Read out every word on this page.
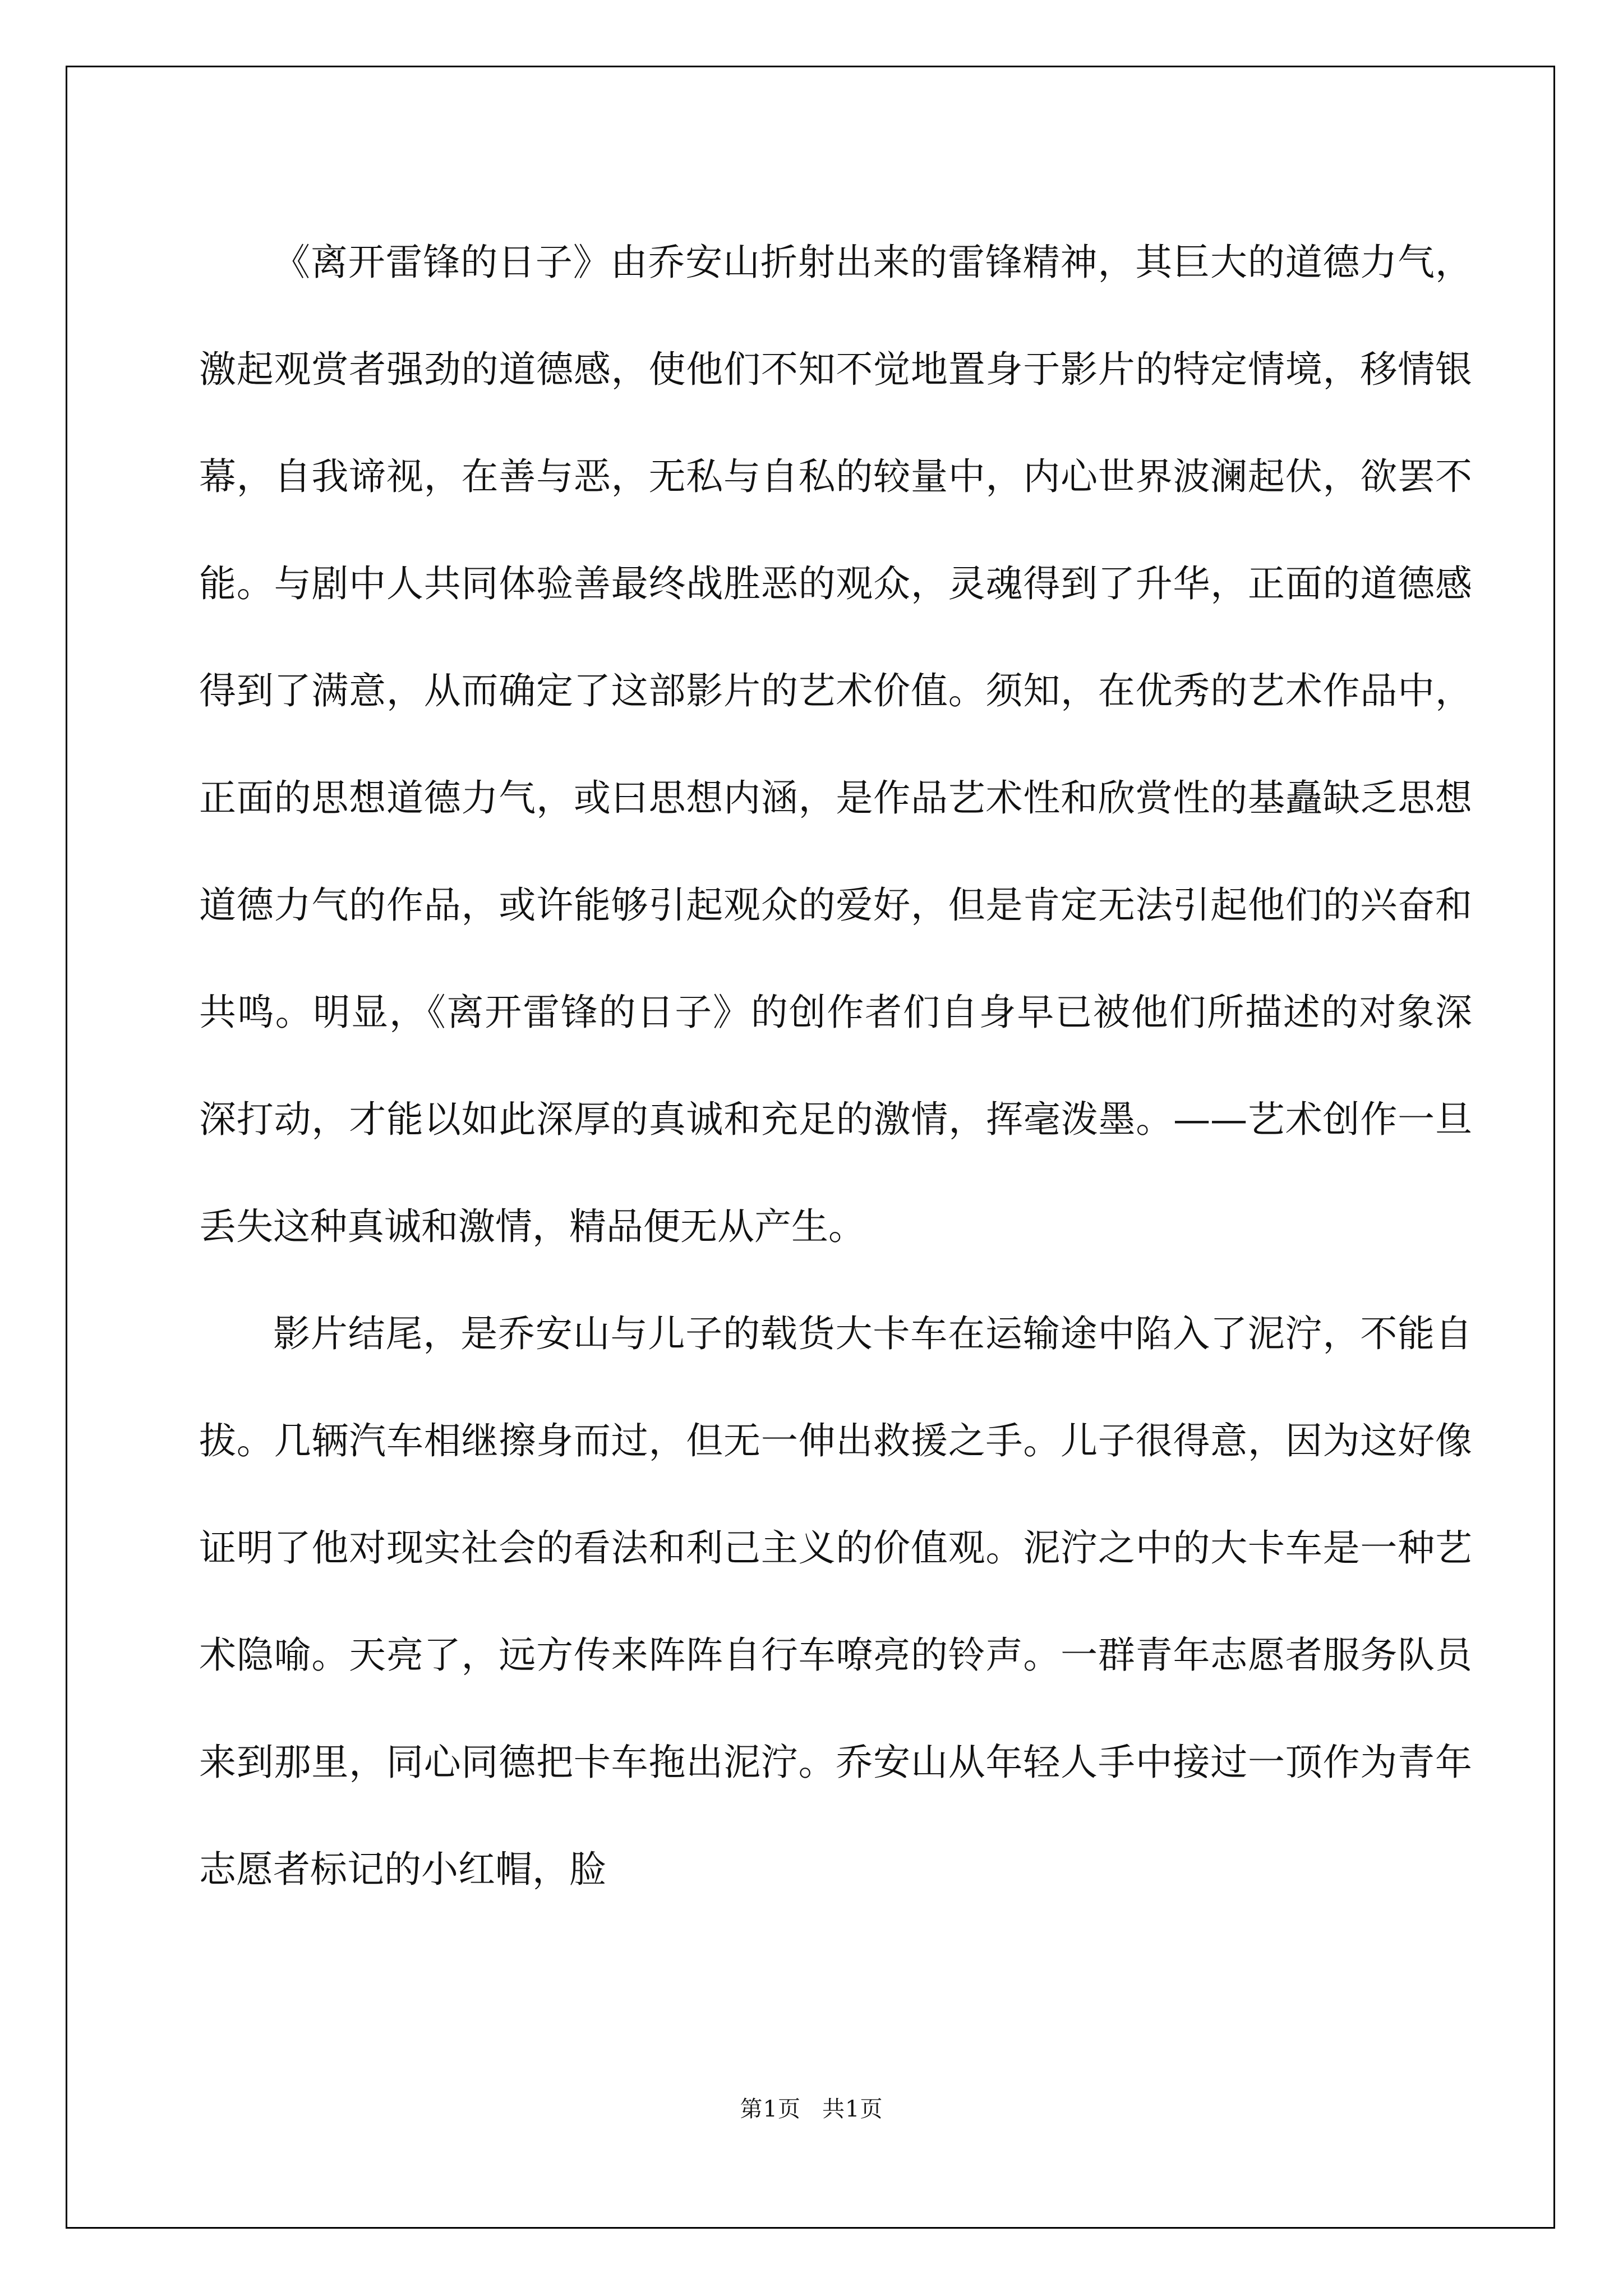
《离开雷锋的日子》由乔安山折射出来的雷锋精神，其巨大的道德力气，激起观赏者强劲的道德感，使他们不知不觉地置身于影片的特定情境，移情银幕，自我谛视，在善与恶，无私与自私的较量中，内心世界波澜起伏，欲罢不能。与剧中人共同体验善最终战胜恶的观众，灵魂得到了升华，正面的道德感得到了满意，从而确定了这部影片的艺术价值。须知，在优秀的艺术作品中，正面的思想道德力气，或曰思想内涵，是作品艺术性和欣赏性的基矗缺乏思想道德力气的作品，或许能够引起观众的爱好，但是肯定无法引起他们的兴奋和共鸣。明显，《离开雷锋的日子》的创作者们自身早已被他们所描述的对象深深打动，才能以如此深厚的真诚和充足的激情，挥毫泼墨。——艺术创作一旦丢失这种真诚和激情，精品便无从产生。

影片结尾，是乔安山与儿子的载货大卡车在运输途中陷入了泥泞，不能自拔。几辆汽车相继擦身而过，但无一伸出救援之手。儿子很得意，因为这好像证明了他对现实社会的看法和利己主义的价值观。泥泞之中的大卡车是一种艺术隐喻。天亮了，远方传来阵阵自行车嘹亮的铃声。一群青年志愿者服务队员来到那里，同心同德把卡车拖出泥泞。乔安山从年轻人手中接过一顶作为青年志愿者标记的小红帽，脸

第1页 共1页
